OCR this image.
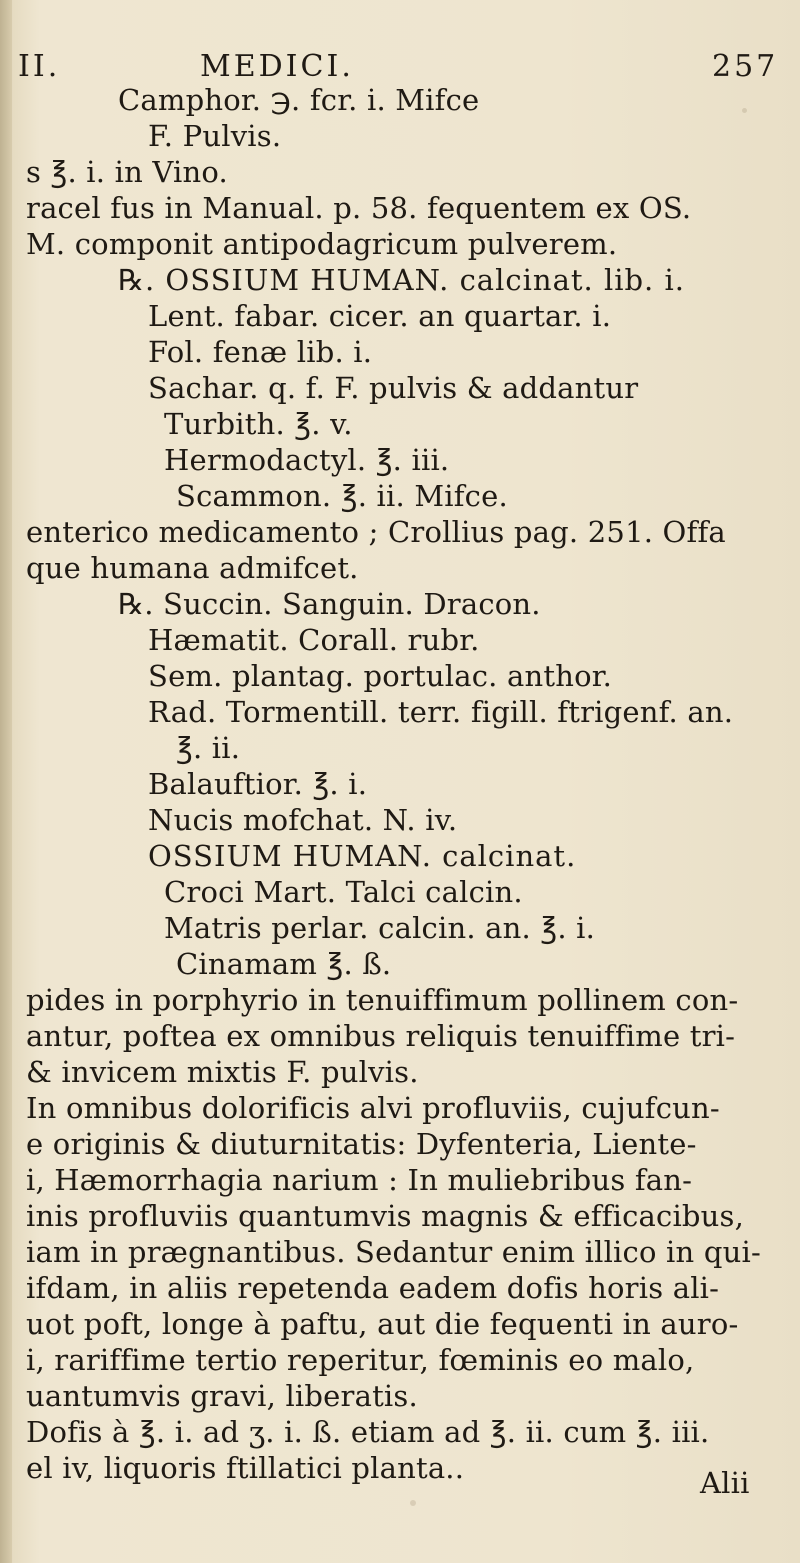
II.	MEDICI.	257
Camphor. ℈. fcr. i. Mifce
F. Pulvis.
s ℥. i. in Vino.
racel fus in Manual. p. 58. fequentem ex OS.
M. componit antipodagricum pulverem.
℞. OSSIUM HUMAN. calcinat. lib. i.
Lent. fabar. cicer. an quartar. i.
Fol. fenæ lib. i.
Sachar. q. f. F. pulvis & addantur
Turbith. ℥. v.
Hermodactyl. ℥. iii.
Scammon. ℥. ii. Mifce.
enterico medicamento ; Crollius pag. 251. Offa
que humana admifcet.
℞. Succin. Sanguin. Dracon.
Hæmatit. Corall. rubr.
Sem. plantag. portulac. anthor.
Rad. Tormentill. terr. figill. ftrigenf. an.
℥. ii.
Balauftior. ℥. i.
Nucis mofchat. N. iv.
OSSIUM HUMAN. calcinat.
Croci Mart. Talci calcin.
Matris perlar. calcin. an. ℥. i.
Cinamam ℥. ß.
pides in porphyrio in tenuiffimum pollinem con-
antur, poftea ex omnibus reliquis tenuiffime tri-
& invicem mixtis F. pulvis.
In omnibus dolorificis alvi profluviis, cujufcun-
e originis & diuturnitatis: Dyfenteria, Liente-
i, Hæmorrhagia narium : In muliebribus fan-
inis profluviis quantumvis magnis & efficacibus,
iam in prægnantibus. Sedantur enim illico in qui-
ifdam, in aliis repetenda eadem dofis horis ali-
uot poft, longe à paftu, aut die fequenti in auro-
i, rariffime tertio reperitur, fœminis eo malo,
uantumvis gravi, liberatis.
Dofis à ℥. i. ad ʒ. i. ß. etiam ad ℥. ii. cum ℥. iii.
el iv, liquoris ftillatici planta..	Alii
